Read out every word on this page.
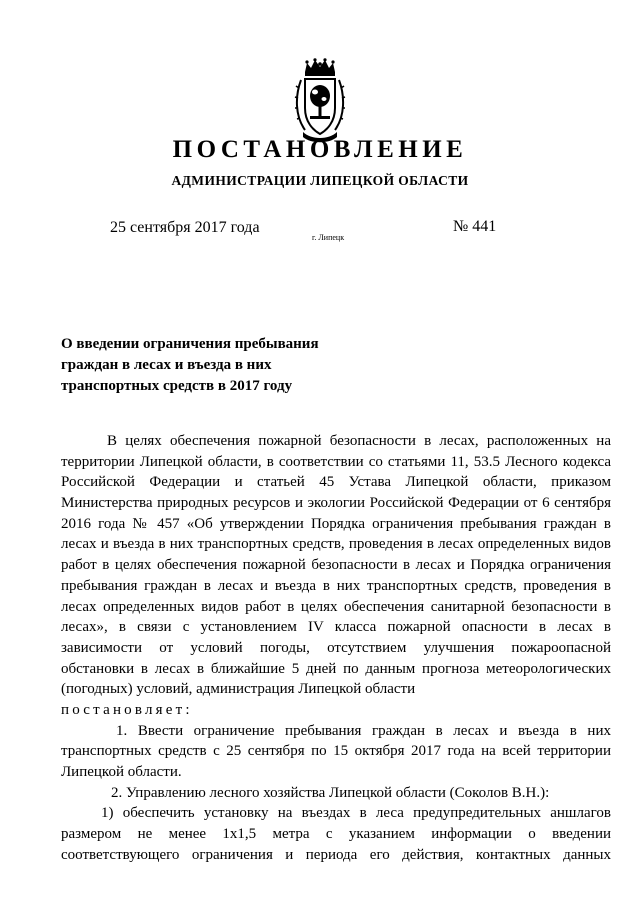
ПОСТАНОВЛЕНИЕ
АДМИНИСТРАЦИИ ЛИПЕЦКОЙ ОБЛАСТИ
25 сентября 2017 года
г. Липецк
№ 441
О введении ограничения пребывания
граждан в лесах и въезда в них
транспортных средств в 2017 году
В целях обеспечения пожарной безопасности в лесах, расположенных на
территории Липецкой области, в соответствии со статьями 11, 53.5 Лесного кодекса
Российской Федерации и статьей 45 Устава Липецкой области, приказом
Министерства природных ресурсов и экологии Российской Федерации от 6 сентября
2016 года № 457 «Об утверждении Порядка ограничения пребывания граждан в
лесах и въезда в них транспортных средств, проведения в лесах определенных видов
работ в целях обеспечения пожарной безопасности в лесах и Порядка ограничения
пребывания граждан в лесах и въезда в них транспортных средств, проведения в
лесах определенных видов работ в целях обеспечения санитарной безопасности в
лесах», в связи с установлением IV класса пожарной опасности в лесах в
зависимости от условий погоды, отсутствием улучшения пожароопасной
обстановки в лесах в ближайшие 5 дней по данным прогноза метеорологических
(погодных) условий, администрация Липецкой области
постановляет:
1. Ввести ограничение пребывания граждан в лесах и въезда в них
транспортных средств с 25 сентября по 15 октября 2017 года на всей территории
Липецкой области.
2. Управлению лесного хозяйства Липецкой области (Соколов В.Н.):
1) обеспечить установку на въездах в леса предупредительных аншлагов
размером не менее 1х1,5 метра с указанием информации о введении
соответствующего ограничения и периода его действия, контактных данных
